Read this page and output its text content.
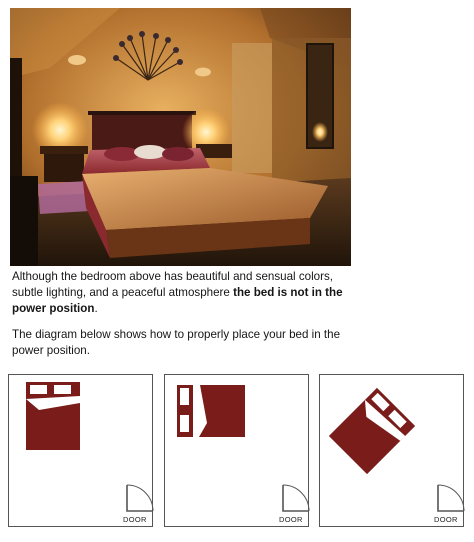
Although the bedroom above has beautiful and sensual colors, subtle lighting, and a peaceful atmosphere the bed is not in the power position.

The diagram below shows how to properly place your bed in the power position.

DOOR	DOOR	DOOR
